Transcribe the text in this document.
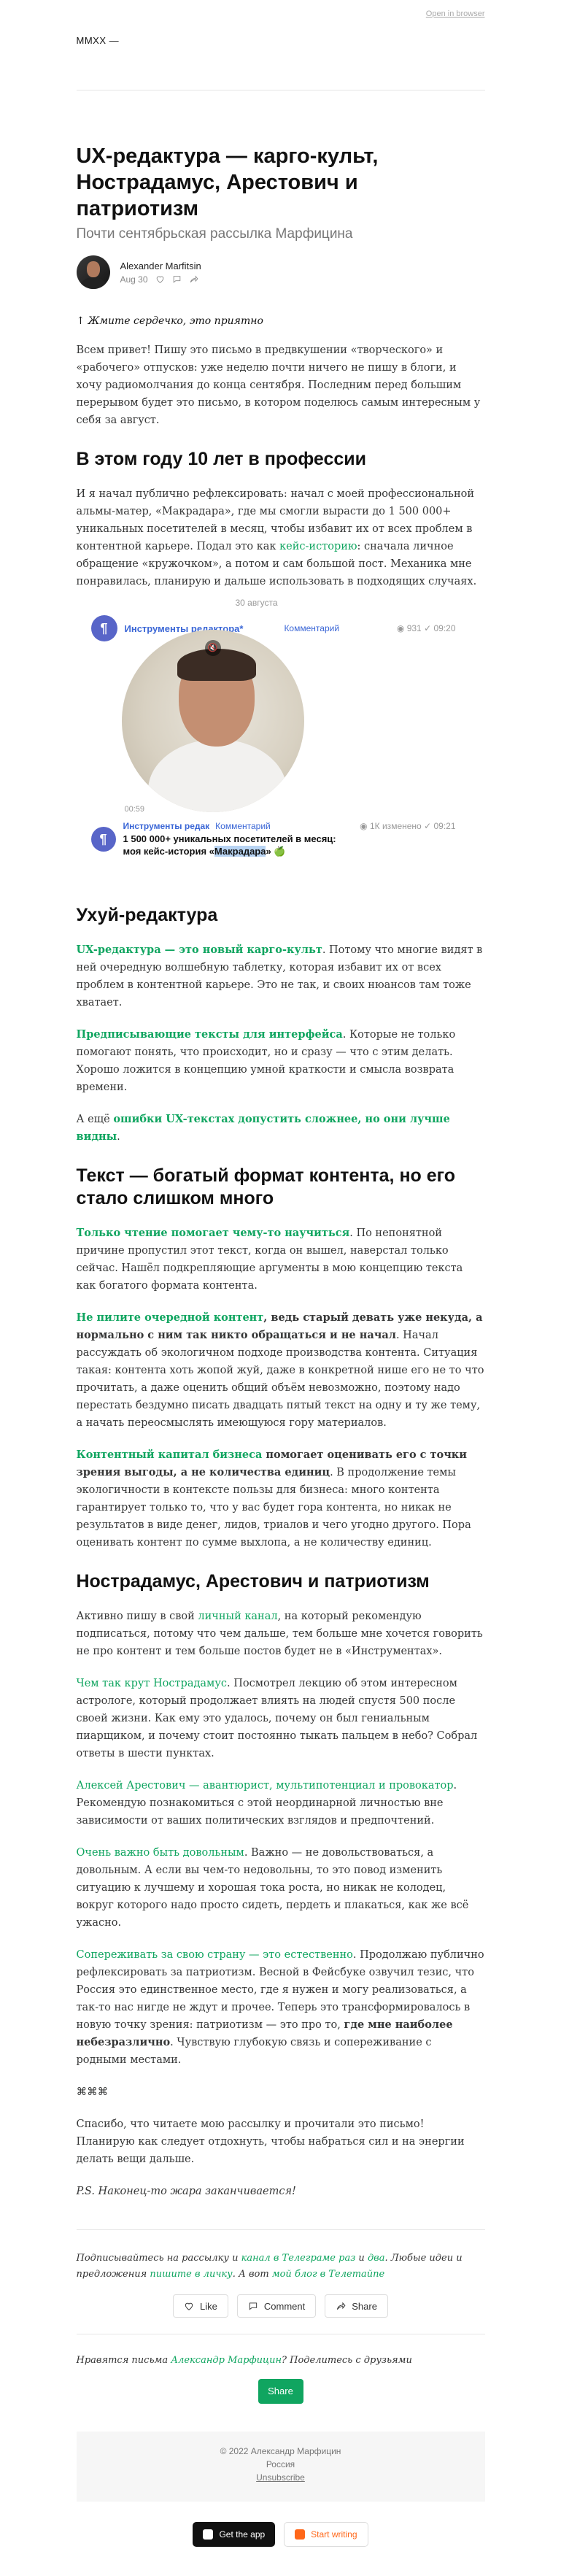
Open in browser
MMXX —
UX-редактура — карго-культ, Нострадамус, Арестович и патриотизм
Почти сентябрьская рассылка Марфицина
Alexander Marfitsin
Aug 30
↑ Жмите сердечко, это приятно

Всем привет! Пишу это письмо в предвкушении «творческого» и «рабочего» отпусков: уже неделю почти ничего не пишу в блоги, и хочу радиомолчания до конца сентября. Последним перед большим перерывом будет это письмо, в котором поделюсь самым интересным у себя за август.

В этом году 10 лет в профессии

И я начал публично рефлексировать: начал с моей профессиональной альмы-матер, «Макрадара», где мы смогли вырасти до 1 500 000+ уникальных посетителей в месяц, чтобы избавит их от всех проблем в контентной карьере. Подал это как кейс-историю: сначала личное обращение «кружочком», а потом и сам большой пост. Механика мне понравилась, планирую и дальше использовать в подходящих случаях.

30 августа
¶	Инструменты редактора*	Комментарий	◉ 931 ✓ 09:20
🔇
00:59
¶
Инструменты редак Комментарий	◉ 1К изменено ✓ 09:21
1 500 000+ уникальных посетителей в месяц:
моя кейс-история «Макрадара» 🍏
Ухуй-редактура

UX-редактура — это новый карго-культ. Потому что многие видят в ней очередную волшебную таблетку, которая избавит их от всех проблем в контентной карьере. Это не так, и своих нюансов там тоже хватает.

Предписывающие тексты для интерфейса. Которые не только помогают понять, что происходит, но и сразу — что с этим делать. Хорошо ложится в концепцию умной краткости и смысла возврата времени.

А ещё ошибки UX-текстах допустить сложнее, но они лучше видны.

Текст — богатый формат контента, но его стало слишком много

Только чтение помогает чему-то научиться. По непонятной причине пропустил этот текст, когда он вышел, наверстал только сейчас. Нашёл подкрепляющие аргументы в мою концепцию текста как богатого формата контента.

Не пилите очередной контент, ведь старый девать уже некуда, а нормально с ним так никто обращаться и не начал. Начал рассуждать об экологичном подходе производства контента. Ситуация такая: контента хоть жопой жуй, даже в конкретной нише его не то что прочитать, а даже оценить общий объём невозможно, поэтому надо перестать бездумно писать двадцать пятый текст на одну и ту же тему, а начать переосмыслять имеющуюся гору материалов.

Контентный капитал бизнеса помогает оценивать его с точки зрения выгоды, а не количества единиц. В продолжение темы экологичности в контексте пользы для бизнеса: много контента гарантирует только то, что у вас будет гора контента, но никак не результатов в виде денег, лидов, триалов и чего угодно другого. Пора оценивать контент по сумме выхлопа, а не количеству единиц.

Нострадамус, Арестович и патриотизм

Активно пишу в свой личный канал, на который рекомендую подписаться, потому что чем дальше, тем больше мне хочется говорить не про контент и тем больше постов будет не в «Инструментах».

Чем так крут Нострадамус. Посмотрел лекцию об этом интересном астрологе, который продолжает влиять на людей спустя 500 после своей жизни. Как ему это удалось, почему он был гениальным пиарщиком, и почему стоит постоянно тыкать пальцем в небо? Собрал ответы в шести пунктах.

Алексей Арестович — авантюрист, мультипотенциал и провокатор. Рекомендую познакомиться с этой неординарной личностью вне зависимости от ваших политических взглядов и предпочтений.

Очень важно быть довольным. Важно — не довольствоваться, а довольным. А если вы чем-то недовольны, то это повод изменить ситуацию к лучшему и хорошая тока роста, но никак не колодец, вокруг которого надо просто сидеть, пердеть и плакаться, как же всё ужасно.

Сопереживать за свою страну — это естественно. Продолжаю публично рефлексировать за патриотизм. Весной в Фейсбуке озвучил тезис, что Россия это единственное место, где я нужен и могу реализоваться, а так-то нас нигде не ждут и прочее. Теперь это трансформировалось в новую точку зрения: патриотизм — это про то, где мне наиболее небезразлично. Чувствую глубокую связь и сопереживание с родными местами.

⌘⌘⌘

Спасибо, что читаете мою рассылку и прочитали это письмо! Планирую как следует отдохнуть, чтобы набраться сил и на энергии делать вещи дальше.

P.S. Наконец-то жара заканчивается!

Подписывайтесь на рассылку и канал в Телеграме раз и два. Любые идеи и предложения пишите в личку. А вот мой блог в Телетайпе
Like	Comment	Share
Нравятся письма Александр Марфицин? Поделитесь с друзьями
Share
© 2022 Александр Марфицин
Россия
Unsubscribe
Get the app	Start writing
